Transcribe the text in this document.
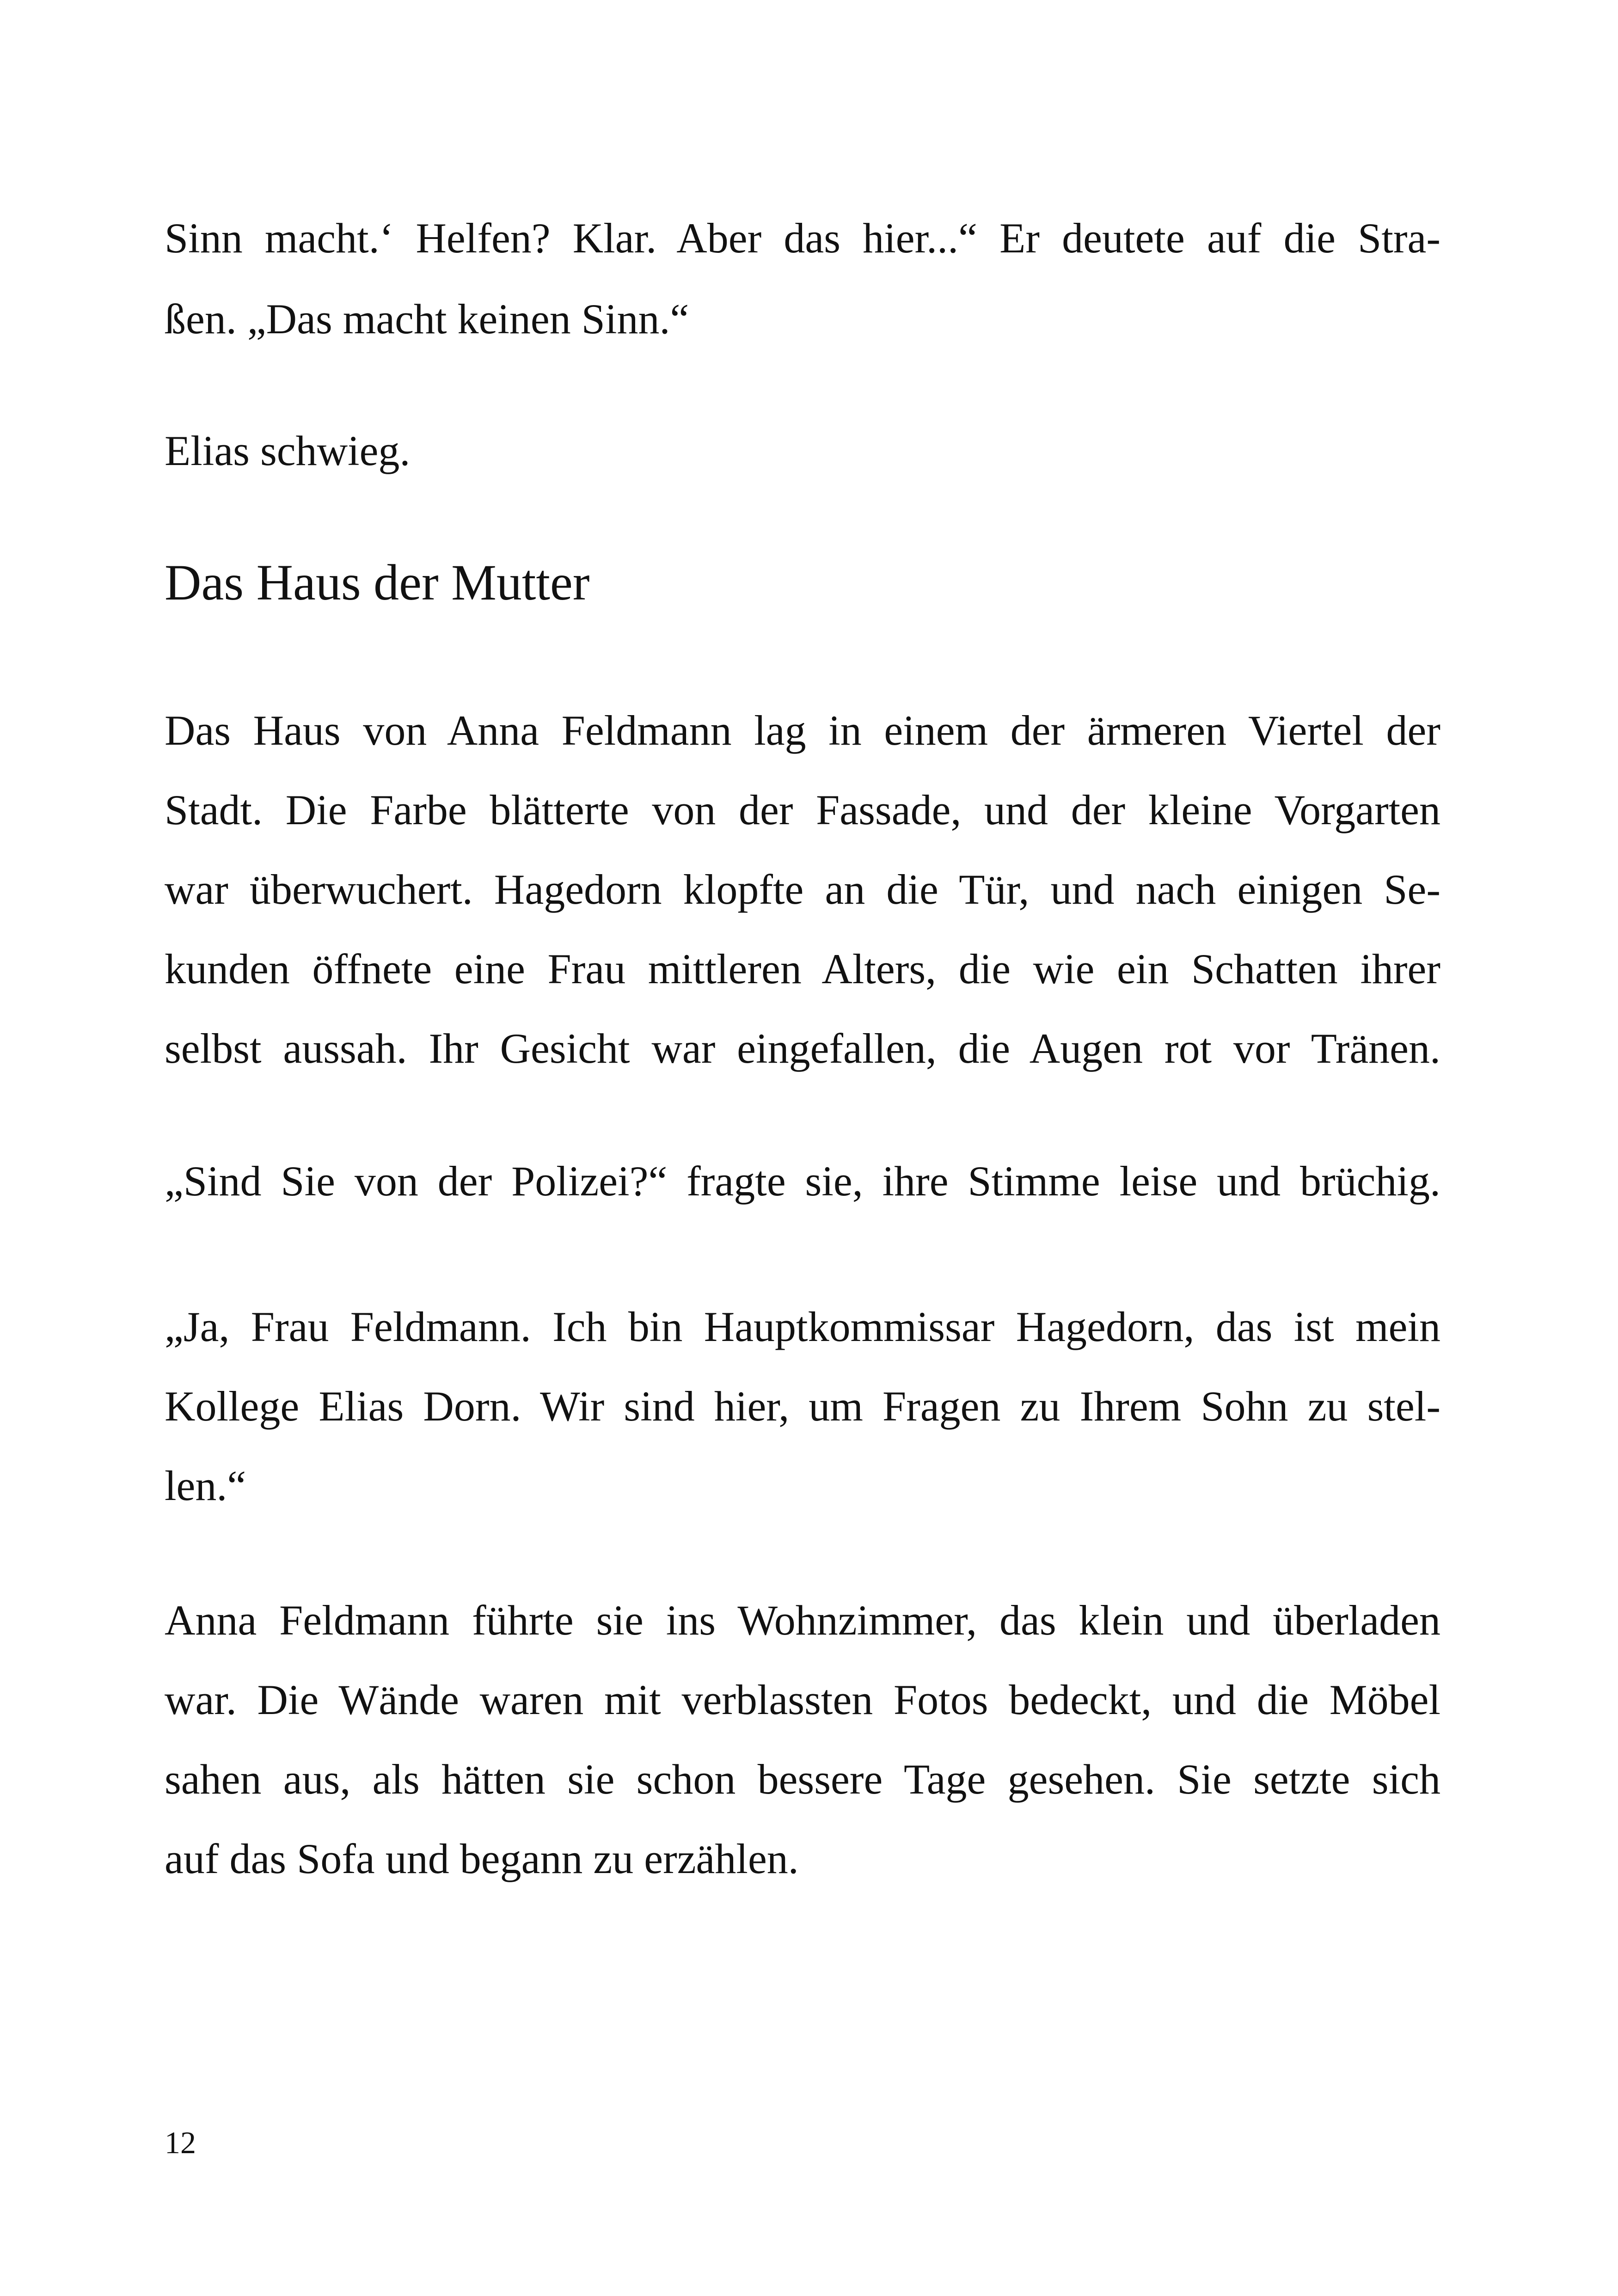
Sinn macht.‘ Helfen? Klar. Aber das hier...“ Er deutete auf die Stra-
ßen. „Das macht keinen Sinn.“
Elias schwieg.
Das Haus der Mutter
Das Haus von Anna Feldmann lag in einem der ärmeren Viertel der
Stadt. Die Farbe blätterte von der Fassade, und der kleine Vorgarten
war überwuchert. Hagedorn klopfte an die Tür, und nach einigen Se-
kunden öffnete eine Frau mittleren Alters, die wie ein Schatten ihrer
selbst aussah. Ihr Gesicht war eingefallen, die Augen rot vor Tränen.
„Sind Sie von der Polizei?“ fragte sie, ihre Stimme leise und brüchig.
„Ja, Frau Feldmann. Ich bin Hauptkommissar Hagedorn, das ist mein
Kollege Elias Dorn. Wir sind hier, um Fragen zu Ihrem Sohn zu stel-
len.“
Anna Feldmann führte sie ins Wohnzimmer, das klein und überladen
war. Die Wände waren mit verblassten Fotos bedeckt, und die Möbel
sahen aus, als hätten sie schon bessere Tage gesehen. Sie setzte sich
auf das Sofa und begann zu erzählen.
12
